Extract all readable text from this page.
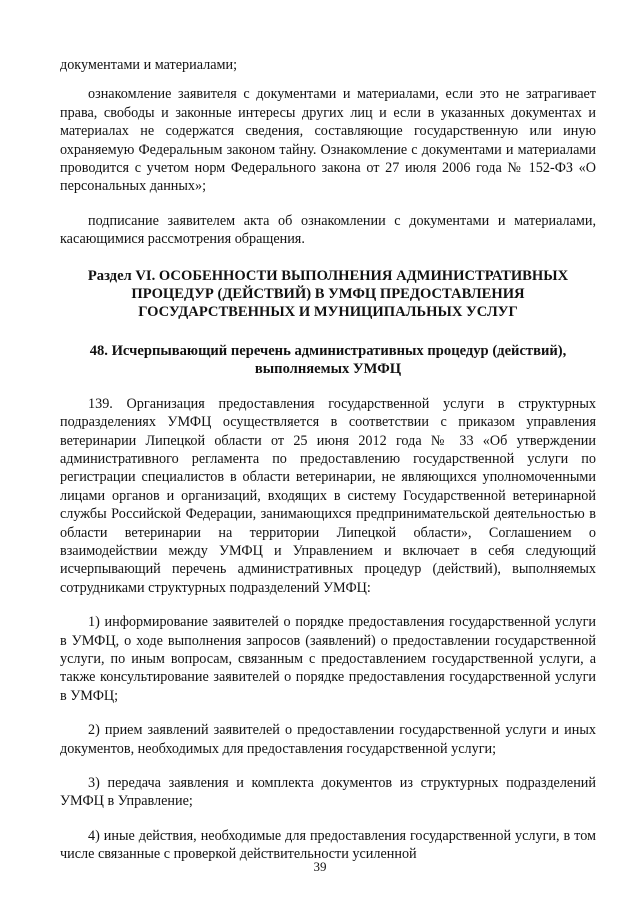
документами и материалами;

ознакомление заявителя с документами и материалами, если это не затрагивает права, свободы и законные интересы других лиц и если в указанных документах и материалах не содержатся сведения, составляющие государственную или иную охраняемую Федеральным законом тайну. Ознакомление с документами и материалами проводится с учетом норм Федерального закона от 27 июля 2006 года № 152-ФЗ «О персональных данных»;

подписание заявителем акта об ознакомлении с документами и материалами, касающимися рассмотрения обращения.

Раздел VI. ОСОБЕННОСТИ ВЫПОЛНЕНИЯ АДМИНИСТРАТИВНЫХ ПРОЦЕДУР (ДЕЙСТВИЙ) В УМФЦ ПРЕДОСТАВЛЕНИЯ ГОСУДАРСТВЕННЫХ И МУНИЦИПАЛЬНЫХ УСЛУГ
48. Исчерпывающий перечень административных процедур (действий), выполняемых УМФЦ

139. Организация предоставления государственной услуги в структурных подразделениях УМФЦ осуществляется в соответствии с приказом управления ветеринарии Липецкой области от 25 июня 2012 года № 33 «Об утверждении административного регламента по предоставлению государственной услуги по регистрации специалистов в области ветеринарии, не являющихся уполномоченными лицами органов и организаций, входящих в систему Государственной ветеринарной службы Российской Федерации, занимающихся предпринимательской деятельностью в области ветеринарии на территории Липецкой области», Соглашением о взаимодействии между УМФЦ и Управлением и включает в себя следующий исчерпывающий перечень административных процедур (действий), выполняемых сотрудниками структурных подразделений УМФЦ:

1) информирование заявителей о порядке предоставления государственной услуги в УМФЦ, о ходе выполнения запросов (заявлений) о предоставлении государственной услуги, по иным вопросам, связанным с предоставлением государственной услуги, а также консультирование заявителей о порядке предоставления государственной услуги в УМФЦ;

2) прием заявлений заявителей о предоставлении государственной услуги и иных документов, необходимых для предоставления государственной услуги;

3) передача заявления и комплекта документов из структурных подразделений УМФЦ в Управление;

4) иные действия, необходимые для предоставления государственной услуги, в том числе связанные с проверкой действительности усиленной

39
